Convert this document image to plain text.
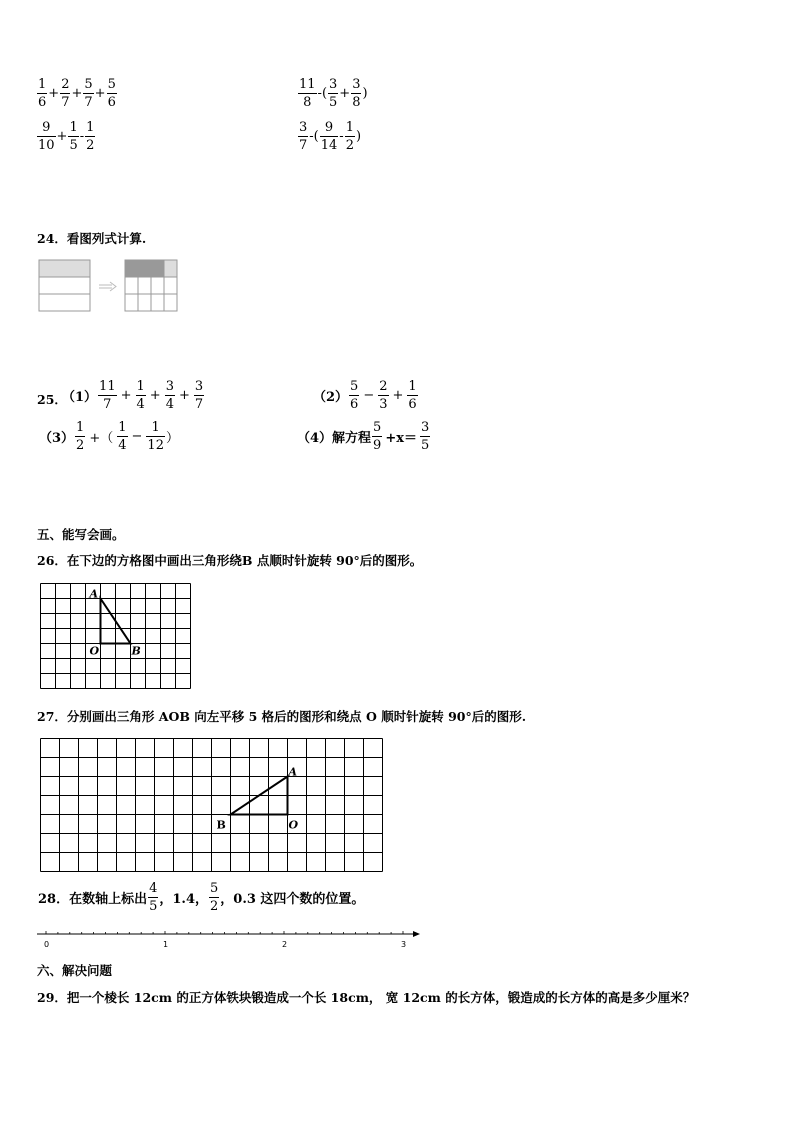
$\frac{1}{6} + \frac{2}{7} + \frac{5}{7} + \frac{5}{6}$	$\frac{11}{8}$ -( $\frac{3}{5} + \frac{3}{8}$ )
$\frac{9}{10} + \frac{1}{5} - \frac{1}{2}$	$\frac{3}{7}$ -( $\frac{9}{14} - \frac{1}{2}$ )
24．看图列式计算.
25．
$(1) \frac{11}{7} + \frac{1}{4} + \frac{3}{4} + \frac{3}{7}$	$(2) \frac{5}{6} - \frac{2}{3} + \frac{1}{6}$
$(3) \frac{1}{2}$ +（ $\frac{1}{4} - \frac{1}{12}$ ）	（4）解方程 $\frac{5}{9} +x= \frac{3}{5}$
五、能写会画。
26．在下边的方格图中画出三角形绕B 点顺时针旋转 90°后的图形。
A
O	B
27．分别画出三角形 AOB 向左平移 5 格后的图形和绕点 O 顺时针旋转 90°后的图形.
A
B	O
28．在数轴上标出 $\frac{4}{5}$ ，1.4， $\frac{5}{2}$ ，0.3 这四个数的位置。
0	1	2	3
六、解决问题
29．把一个棱长 12cm 的正方体铁块锻造成一个长 18cm， 宽 12cm 的长方体，锻造成的长方体的高是多少厘米？
